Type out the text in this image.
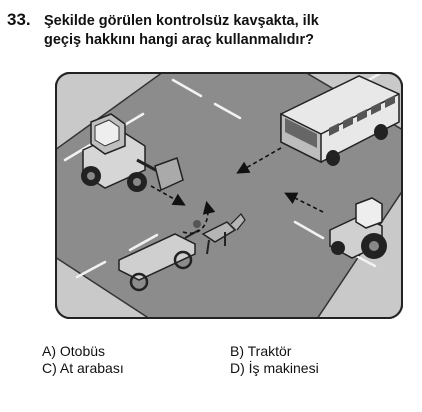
33. Şekilde görülen kontrolsüz kavşakta, ilk
geçiş hakkını hangi araç kullanmalıdır?
A) Otobüs	B) Traktör
C) At arabası	D) İş makinesi
